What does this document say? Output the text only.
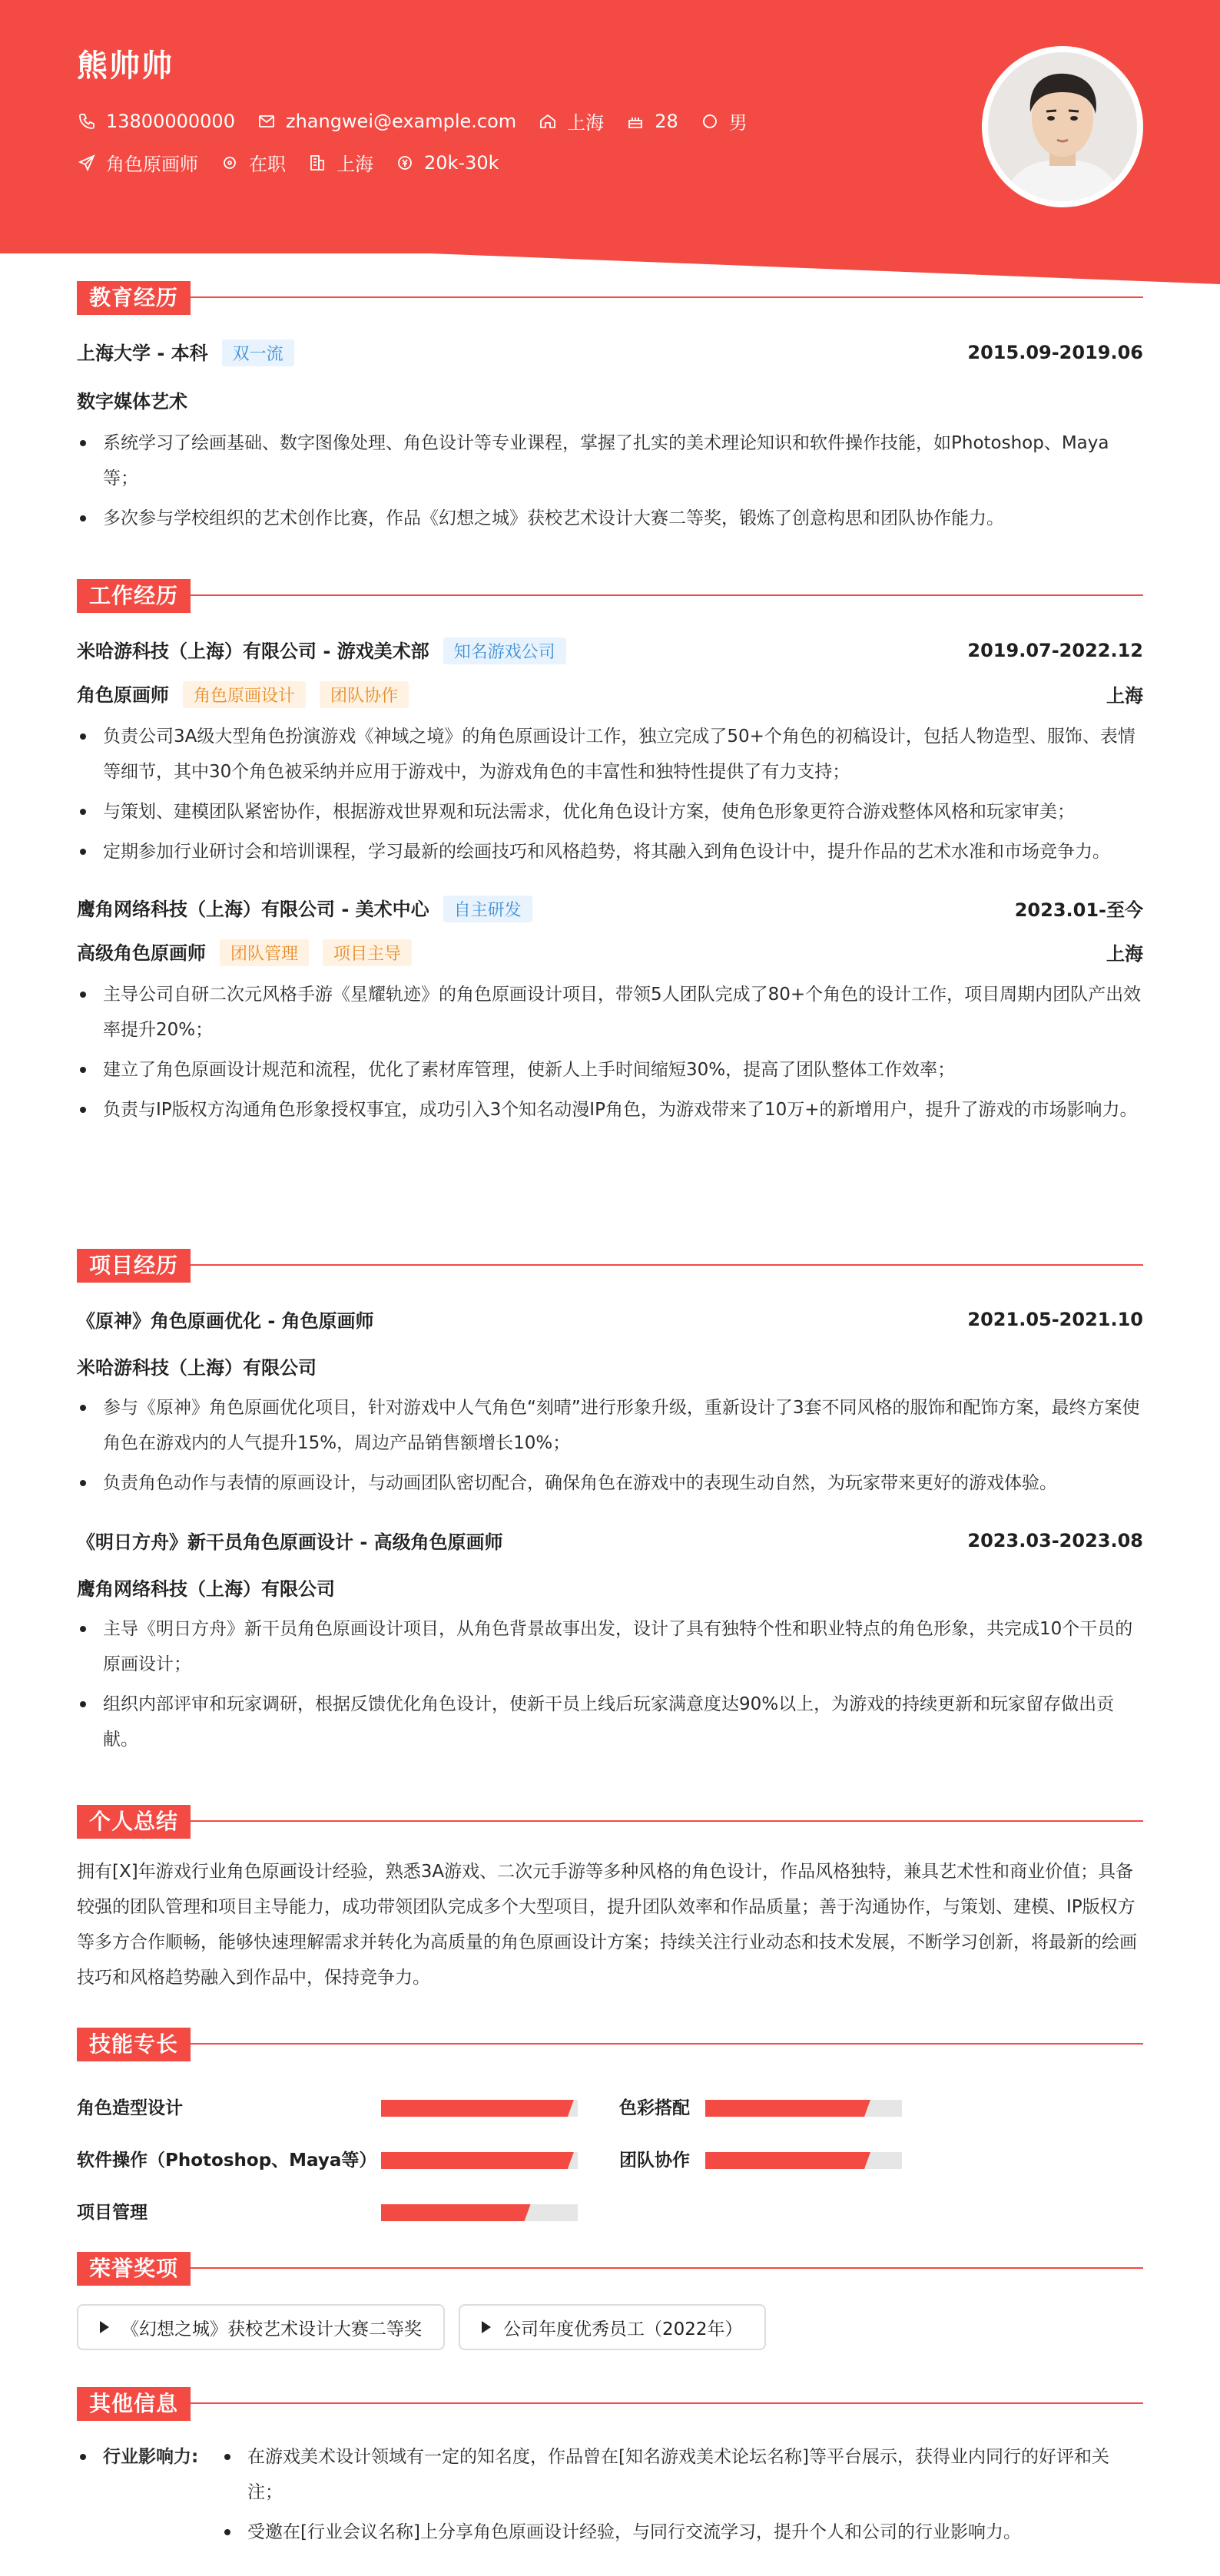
熊帅帅
13800000000	zhangwei@example.com	上海	28	男
角色原画师	在职	上海	20k-30k
教育经历
上海大学 - 本科 双一流	2015.09-2019.06
数字媒体艺术
系统学习了绘画基础、数字图像处理、角色设计等专业课程，掌握了扎实的美术理论知识和软件操作技能，如Photoshop、Maya等；
多次参与学校组织的艺术创作比赛，作品《幻想之城》获校艺术设计大赛二等奖，锻炼了创意构思和团队协作能力。
工作经历
米哈游科技（上海）有限公司 - 游戏美术部 知名游戏公司	2019.07-2022.12
角色原画师 角色原画设计 团队协作	上海
负责公司3A级大型角色扮演游戏《神域之境》的角色原画设计工作，独立完成了50+个角色的初稿设计，包括人物造型、服饰、表情等细节，其中30个角色被采纳并应用于游戏中，为游戏角色的丰富性和独特性提供了有力支持；
与策划、建模团队紧密协作，根据游戏世界观和玩法需求，优化角色设计方案，使角色形象更符合游戏整体风格和玩家审美；
定期参加行业研讨会和培训课程，学习最新的绘画技巧和风格趋势，将其融入到角色设计中，提升作品的艺术水准和市场竞争力。
鹰角网络科技（上海）有限公司 - 美术中心 自主研发	2023.01-至今
高级角色原画师 团队管理 项目主导	上海
主导公司自研二次元风格手游《星耀轨迹》的角色原画设计项目，带领5人团队完成了80+个角色的设计工作，项目周期内团队产出效率提升20%；
建立了角色原画设计规范和流程，优化了素材库管理，使新人上手时间缩短30%，提高了团队整体工作效率；
负责与IP版权方沟通角色形象授权事宜，成功引入3个知名动漫IP角色，为游戏带来了10万+的新增用户，提升了游戏的市场影响力。
项目经历
《原神》角色原画优化 - 角色原画师	2021.05-2021.10
米哈游科技（上海）有限公司
参与《原神》角色原画优化项目，针对游戏中人气角色“刻晴”进行形象升级，重新设计了3套不同风格的服饰和配饰方案，最终方案使角色在游戏内的人气提升15%，周边产品销售额增长10%；
负责角色动作与表情的原画设计，与动画团队密切配合，确保角色在游戏中的表现生动自然，为玩家带来更好的游戏体验。
《明日方舟》新干员角色原画设计 - 高级角色原画师	2023.03-2023.08
鹰角网络科技（上海）有限公司
主导《明日方舟》新干员角色原画设计项目，从角色背景故事出发，设计了具有独特个性和职业特点的角色形象，共完成10个干员的原画设计；
组织内部评审和玩家调研，根据反馈优化角色设计，使新干员上线后玩家满意度达90%以上，为游戏的持续更新和玩家留存做出贡献。
个人总结

拥有[X]年游戏行业角色原画设计经验，熟悉3A游戏、二次元手游等多种风格的角色设计，作品风格独特，兼具艺术性和商业价值；具备较强的团队管理和项目主导能力，成功带领团队完成多个大型项目，提升团队效率和作品质量；善于沟通协作，与策划、建模、IP版权方等多方合作顺畅，能够快速理解需求并转化为高质量的角色原画设计方案；持续关注行业动态和技术发展，不断学习创新，将最新的绘画技巧和风格趋势融入到作品中，保持竞争力。

技能专长
角色造型设计	色彩搭配
软件操作（Photoshop、Maya等）	团队协作
项目管理
荣誉奖项
《幻想之城》获校艺术设计大赛二等奖	公司年度优秀员工（2022年）
其他信息
行业影响力:	在游戏美术设计领域有一定的知名度，作品曾在[知名游戏美术论坛名称]等平台展示，获得业内同行的好评和关注；
受邀在[行业会议名称]上分享角色原画设计经验，与同行交流学习，提升个人和公司的行业影响力。
